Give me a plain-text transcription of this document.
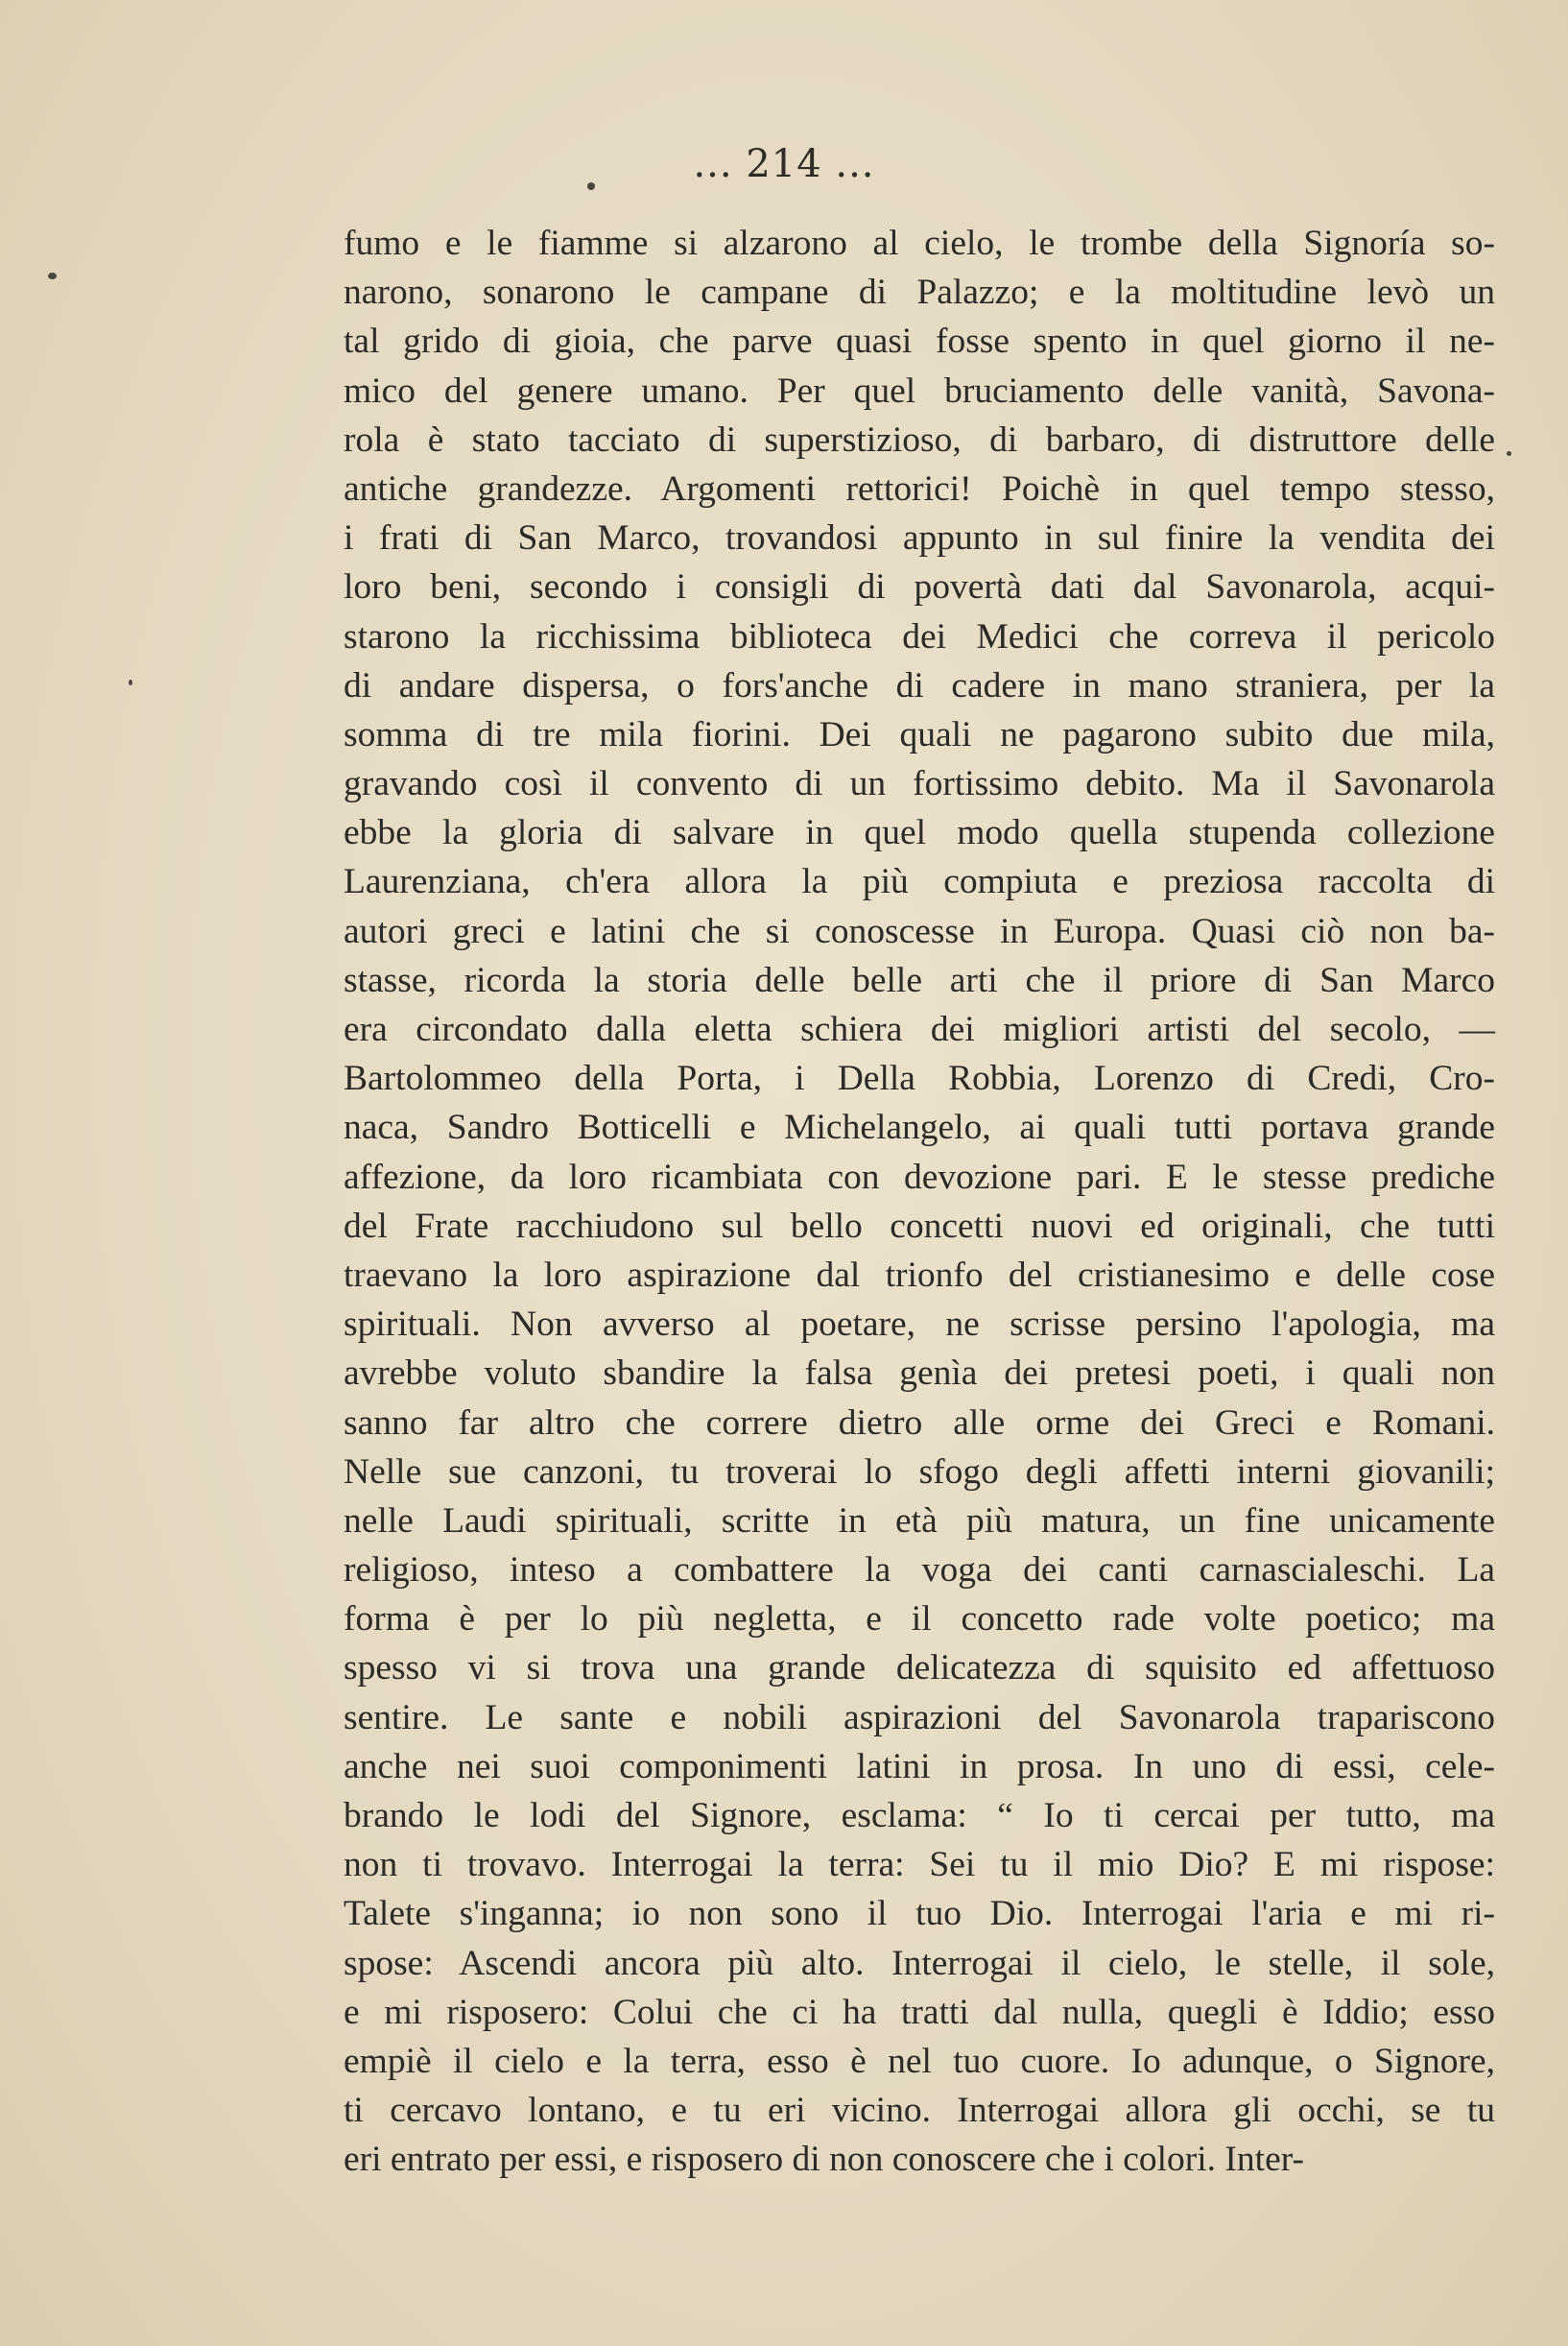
... 214 ...
fumo e le fiamme si alzarono al cielo, le trombe della Signoría so-
narono, sonarono le campane di Palazzo; e la moltitudine levò un
tal grido di gioia, che parve quasi fosse spento in quel giorno il ne-
mico del genere umano. Per quel bruciamento delle vanità, Savona-
rola è stato tacciato di superstizioso, di barbaro, di distruttore delle
antiche grandezze. Argomenti rettorici! Poichè in quel tempo stesso,
i frati di San Marco, trovandosi appunto in sul finire la vendita dei
loro beni, secondo i consigli di povertà dati dal Savonarola, acqui-
starono la ricchissima biblioteca dei Medici che correva il pericolo
di andare dispersa, o fors'anche di cadere in mano straniera, per la
somma di tre mila fiorini. Dei quali ne pagarono subito due mila,
gravando così il convento di un fortissimo debito. Ma il Savonarola
ebbe la gloria di salvare in quel modo quella stupenda collezione
Laurenziana, ch'era allora la più compiuta e preziosa raccolta di
autori greci e latini che si conoscesse in Europa. Quasi ciò non ba-
stasse, ricorda la storia delle belle arti che il priore di San Marco
era circondato dalla eletta schiera dei migliori artisti del secolo, —
Bartolommeo della Porta, i Della Robbia, Lorenzo di Credi, Cro-
naca, Sandro Botticelli e Michelangelo, ai quali tutti portava grande
affezione, da loro ricambiata con devozione pari. E le stesse prediche
del Frate racchiudono sul bello concetti nuovi ed originali, che tutti
traevano la loro aspirazione dal trionfo del cristianesimo e delle cose
spirituali. Non avverso al poetare, ne scrisse persino l'apologia, ma
avrebbe voluto sbandire la falsa genìa dei pretesi poeti, i quali non
sanno far altro che correre dietro alle orme dei Greci e Romani.
Nelle sue canzoni, tu troverai lo sfogo degli affetti interni giovanili;
nelle Laudi spirituali, scritte in età più matura, un fine unicamente
religioso, inteso a combattere la voga dei canti carnascialeschi. La
forma è per lo più negletta, e il concetto rade volte poetico; ma
spesso vi si trova una grande delicatezza di squisito ed affettuoso
sentire. Le sante e nobili aspirazioni del Savonarola trapariscono
anche nei suoi componimenti latini in prosa. In uno di essi, cele-
brando le lodi del Signore, esclama: “ Io ti cercai per tutto, ma
non ti trovavo. Interrogai la terra: Sei tu il mio Dio? E mi rispose:
Talete s'inganna; io non sono il tuo Dio. Interrogai l'aria e mi ri-
spose: Ascendi ancora più alto. Interrogai il cielo, le stelle, il sole,
e mi risposero: Colui che ci ha tratti dal nulla, quegli è Iddio; esso
empiè il cielo e la terra, esso è nel tuo cuore. Io adunque, o Signore,
ti cercavo lontano, e tu eri vicino. Interrogai allora gli occhi, se tu
eri entrato per essi, e risposero di non conoscere che i colori. Inter-
